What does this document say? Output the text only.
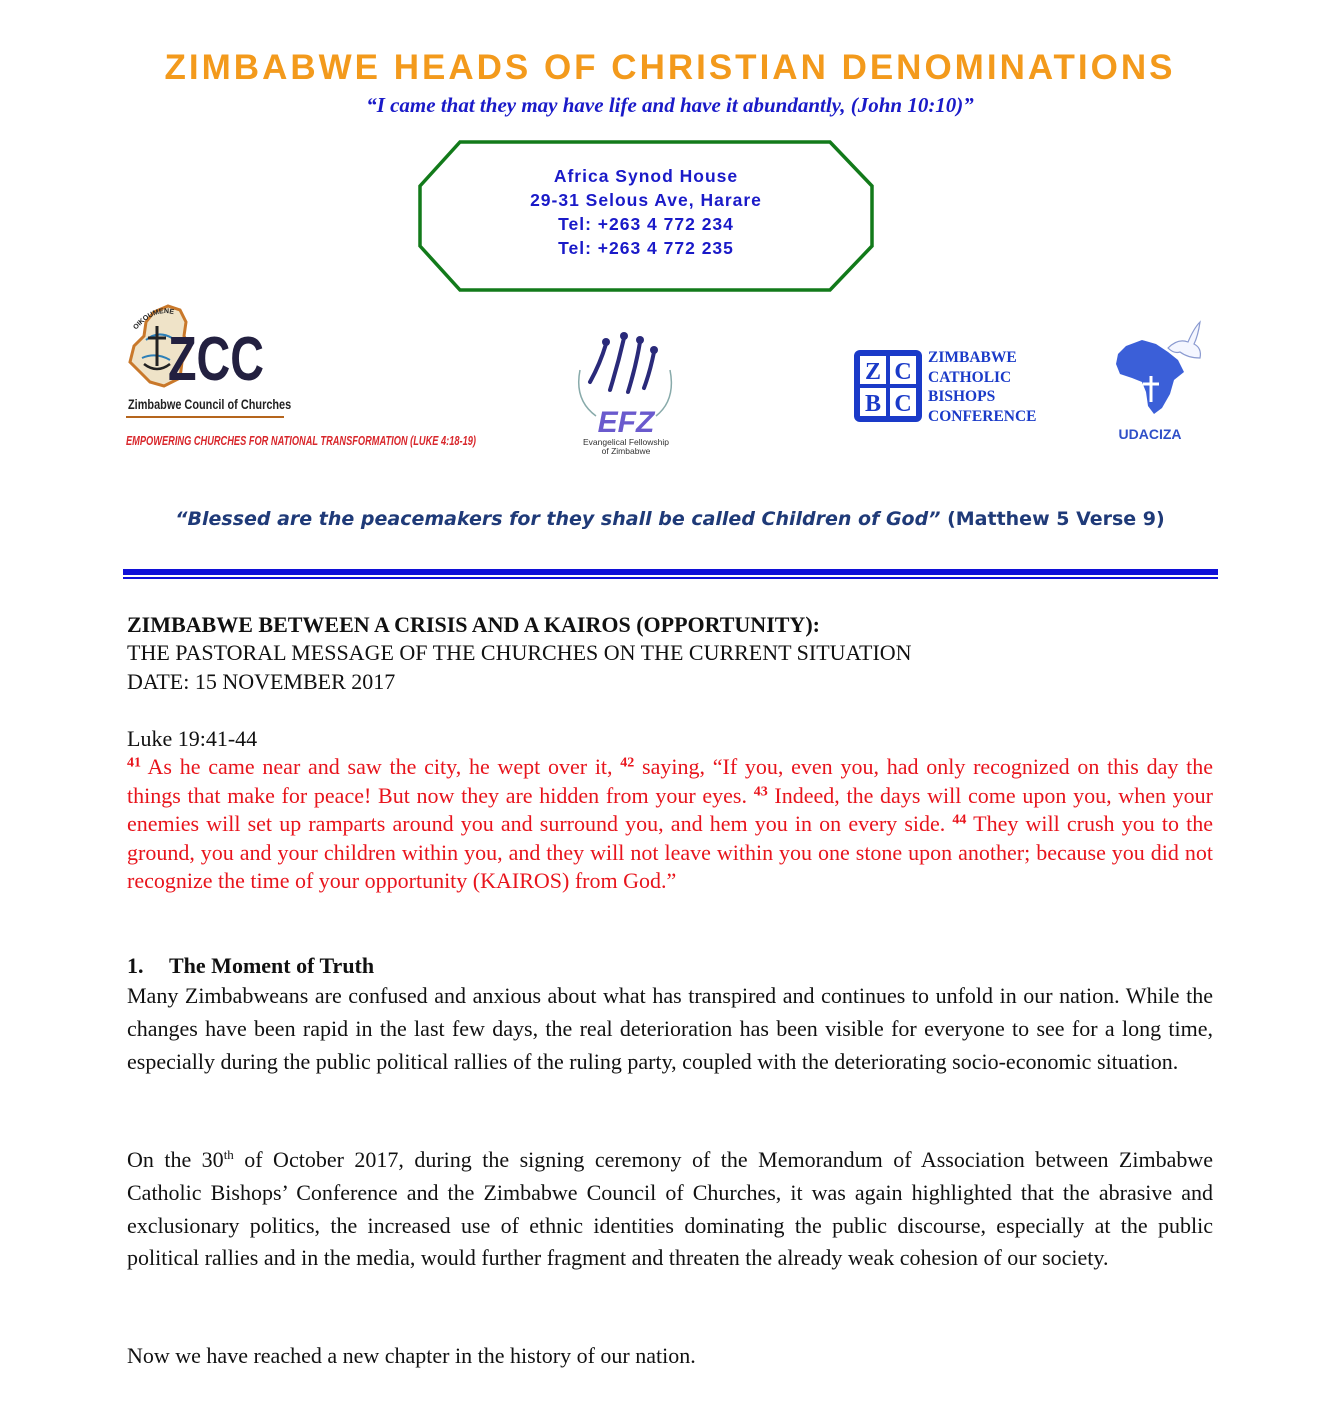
ZIMBABWE HEADS OF CHRISTIAN DENOMINATIONS
“I came that they may have life and have it abundantly, (John 10:10)”
Africa Synod House
29-31 Selous Ave, Harare
Tel: +263 4 772 234
Tel: +263 4 772 235
OIKOUMENE
ZCC
Zimbabwe Council of Churches
EMPOWERING CHURCHES FOR NATIONAL TRANSFORMATION (LUKE 4:18-19)
EFZ
Evangelical Fellowship
of Zimbabwe
Z C
B C
ZIMBABWE
CATHOLIC
BISHOPS
CONFERENCE
UDACIZA
“Blessed are the peacemakers for they shall be called Children of God” (Matthew 5 Verse 9)
ZIMBABWE BETWEEN A CRISIS AND A KAIROS (OPPORTUNITY):
THE PASTORAL MESSAGE OF THE CHURCHES ON THE CURRENT SITUATION
DATE: 15 NOVEMBER 2017
Luke 19:41-44

$^{41}$ As he came near and saw the city, he wept over it, $^{42}$ saying, “If you, even you, had only recognized on this day the things that make for peace! But now they are hidden from your eyes. $^{43}$ Indeed, the days will come upon you, when your enemies will set up ramparts around you and surround you, and hem you in on every side. $^{44}$ They will crush you to the ground, you and your children within you, and they will not leave within you one stone upon another; because you did not recognize the time of your opportunity (KAIROS) from God.”

1. The Moment of Truth

Many Zimbabweans are confused and anxious about what has transpired and continues to unfold in our nation. While the changes have been rapid in the last few days, the real deterioration has been visible for everyone to see for a long time, especially during the public political rallies of the ruling party, coupled with the deteriorating socio-economic situation.

On the 30th of October 2017, during the signing ceremony of the Memorandum of Association between Zimbabwe Catholic Bishops’ Conference and the Zimbabwe Council of Churches, it was again highlighted that the abrasive and exclusionary politics, the increased use of ethnic identities dominating the public discourse, especially at the public political rallies and in the media, would further fragment and threaten the already weak cohesion of our society.

Now we have reached a new chapter in the history of our nation.
